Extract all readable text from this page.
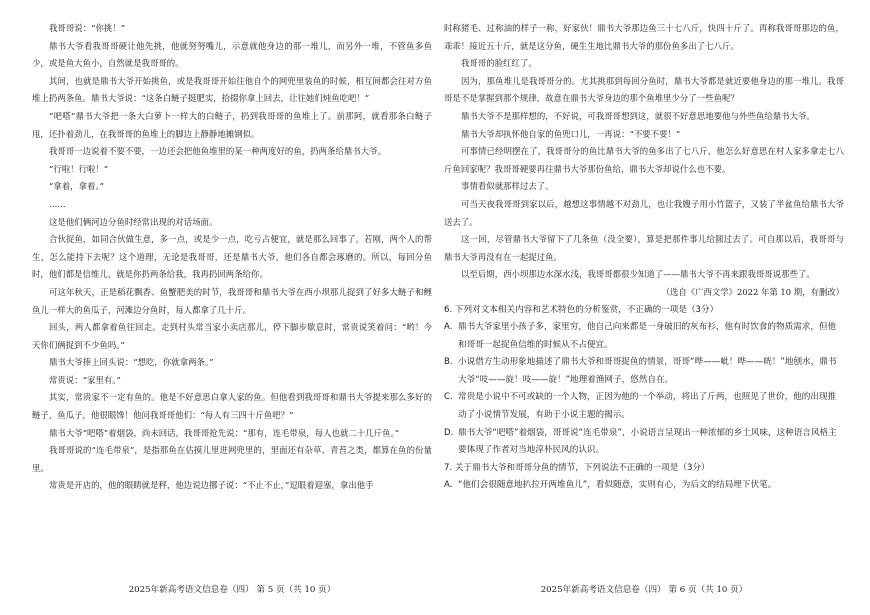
我哥哥说：“你挑！”

鼎书大爷看我哥哥硬让他先挑，他就努努嘴儿，示意就他身边的那一堆儿，而另外一堆，不管鱼多鱼少，或是鱼大鱼小，自然就是我哥哥的。

其间，也就是鼎书大爷开始挑鱼，或是我哥哥开始往他自个的网兜里装鱼的时候，相互间都会往对方鱼堆上扔两条鱼。鼎书大爷说：“这条白鲢子挺肥实，拾掇你拿上回去，让往她们炖鱼吃吧！”

“吧嗒”鼎书大爷把一条大白萝卜一样大的白鲢子，扔到我哥哥的鱼堆上了。前那阿，就看那条白鲢子甩，还扑着劲儿，在我哥哥的鱼堆上的脚边上静静地摊钢似。

我哥哥一边说着不要不要，一边还会把他鱼堆里的某一种两度好的鱼，扔两条给鼎书大爷。

“行啦！行啦！”

“拿着，拿着。”

……

这是他们俩河边分鱼时经常出现的对话场面。

合伙捉鱼，如同合伙做生意，多一点，或是少一点，吃亏占便宜，就是那么回事了。若刚，两个人的帮生，怎么能持下去呢？这个道理，无论是我哥哥，还是鼎书大爷，他们各自都会琢磨的。所以，每回分鱼时，他们都是信维儿，就是你扔两条给我，我再扔回两条给你。

可这年秋天，正是稻花飘香、鱼蟹肥美的时节，我哥哥和鼎书大爷在西小坝那儿捉到了好多大鲢子和鲤鱼儿一样大的鱼瓜子，河滩边分鱼时，每人都拿了几十斤。

回头，两人都拿着鱼往回走。走到村头常当家小卖店那儿，停下脚步歇息时，常贵说笑着问：“哟！今天你们俩捉到不少鱼吗。”

鼎书大爷捧上回头说：“想吃，你就拿两条。”

常贵说：“家里有。”

其实，常贵家不一定有鱼的。他是不好意思白拿人家的鱼。但他看到我哥哥和鼎书大爷提来那么多好的鲢子，鱼瓜子，他很眼馋！他问我哥哥他们：“每人有三四十斤鱼吧？”

鼎书大爷“吧嗒”着烟袋，尚未回话，我哥哥抢先说：“那有，连毛带泉，每人也就二十几斤鱼。”

我哥哥说的“连毛带泉”，是指那鱼在估摸儿里进网兜里的，里面还有杂草、青苔之类，都算在鱼的份量里。

常贵是开店的，他的眼睛就是秤，他边说边挪子说：“不止不止，”逗眼着迎塞，拿出他手

时称猪毛、过称油的样子一称，好家伙！鼎书大爷那边鱼三十七八斤，快四十斤了。再称我哥哥那边的鱼，乖乖！接近五十斤，就是这分鱼，硬生生地比鼎书大爷的那份鱼多出了七八斤。

我哥哥的脸红红了。

因为，那鱼堆儿是我哥哥分的。尤其挑那到每回分鱼时，鼎书大爷都是就近要他身边的那一堆儿。我哥哥是不是掌握到那个规律，故意在鼎书大爷身边的那个鱼堆里少分了一些鱼呢？

鼎书大爷不是那样想的，不好说，可我哥哥想到这，就很不好意思地要他与外些鱼给鼎书大爷。

鼎书大爷却执怀他自家的鱼兜口儿，一再说：“不要不要！”

可事情已经明摆在了，我哥哥分的鱼比鼎书大爷的鱼多出了七八斤，他怎么好意思在村人家多拿走七八斤鱼回家呢？我哥哥硬要再往鼎书大爷那份鱼给，鼎书大爷却说什么也不要。

事情看似就那样过去了。

可当天夜我哥哥到家以后，越想这事情越不对劲儿，也让我嫂子用小竹篮子，又装了半盆鱼给鼎书大爷送去了。

这一回，尽管鼎书大爷留下了几条鱼（没全要），算是把那件事儿给圆过去了。可自那以后，我哥哥与鼎书大爷再没有在一起捉过鱼。

以至后期，西小坝那边水深水浅，我哥哥都很少知道了——鼎书大爷不再来跟我哥哥说那些了。

（选自《广西文学》2022 年第 10 期，有删改）

6. 下列对文本相关内容和艺术特色的分析鉴赏，不正确的一项是（3分）

A. 鼎书大爷家里小孩子多，家里穷，他自己向来都是一身破旧的灰布衫，他有时饮食的物质需求，但他和哥哥一起捉鱼信维的时候从不占便宜。

B. 小说借方生动形象地描述了鼎书大爷和哥哥捉鱼的情景，哥哥“哗——呲！哗——咣！”地刨水，鼎书大爷“吱——旋！吱——旋！”地理着渔网子，悠然自在。

C. 常贵是小说中不可或缺的一个人物，正因为他的一个举动，将出了斤两，也照见了世价，他的出现推动了小说情节发展，有助于小说主题的揭示。

D. 鼎书大爷“吧嗒”着烟袋，哥哥说“连毛带泉”，小说语言呈现出一种浓郁的乡土风味，这种语言风格主要体现了作者对当地淳朴民风的认识。

7. 关于鼎书大爷和哥哥分鱼的情节，下列说法不正确的一项是（3分）

A. “他们会很随意地扒拉开两堆鱼儿”，看似随意，实则有心，为后文的结局埋下伏笔。

2025年新高考语文信息卷（四） 第 5 页（共 10 页）	2025年新高考语文信息卷（四） 第 6 页（共 10 页）
